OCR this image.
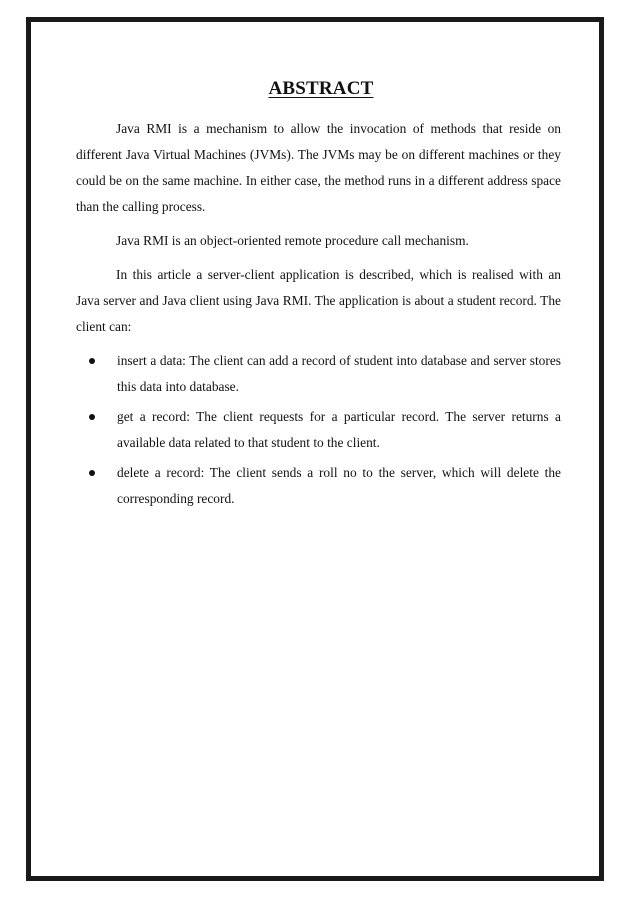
ABSTRACT

Java RMI is a mechanism to allow the invocation of methods that reside on different Java Virtual Machines (JVMs). The JVMs may be on different machines or they could be on the same machine. In either case, the method runs in a different address space than the calling process.

Java RMI is an object-oriented remote procedure call mechanism.

In this article a server-client application is described, which is realised with an Java server and Java client using Java RMI. The application is about a student record. The client can:

insert a data: The client can add a record of student into database and server stores this data into database.
get a record: The client requests for a particular record. The server returns a available data related to that student to the client.
delete a record: The client sends a roll no to the server, which will delete the corresponding record.
